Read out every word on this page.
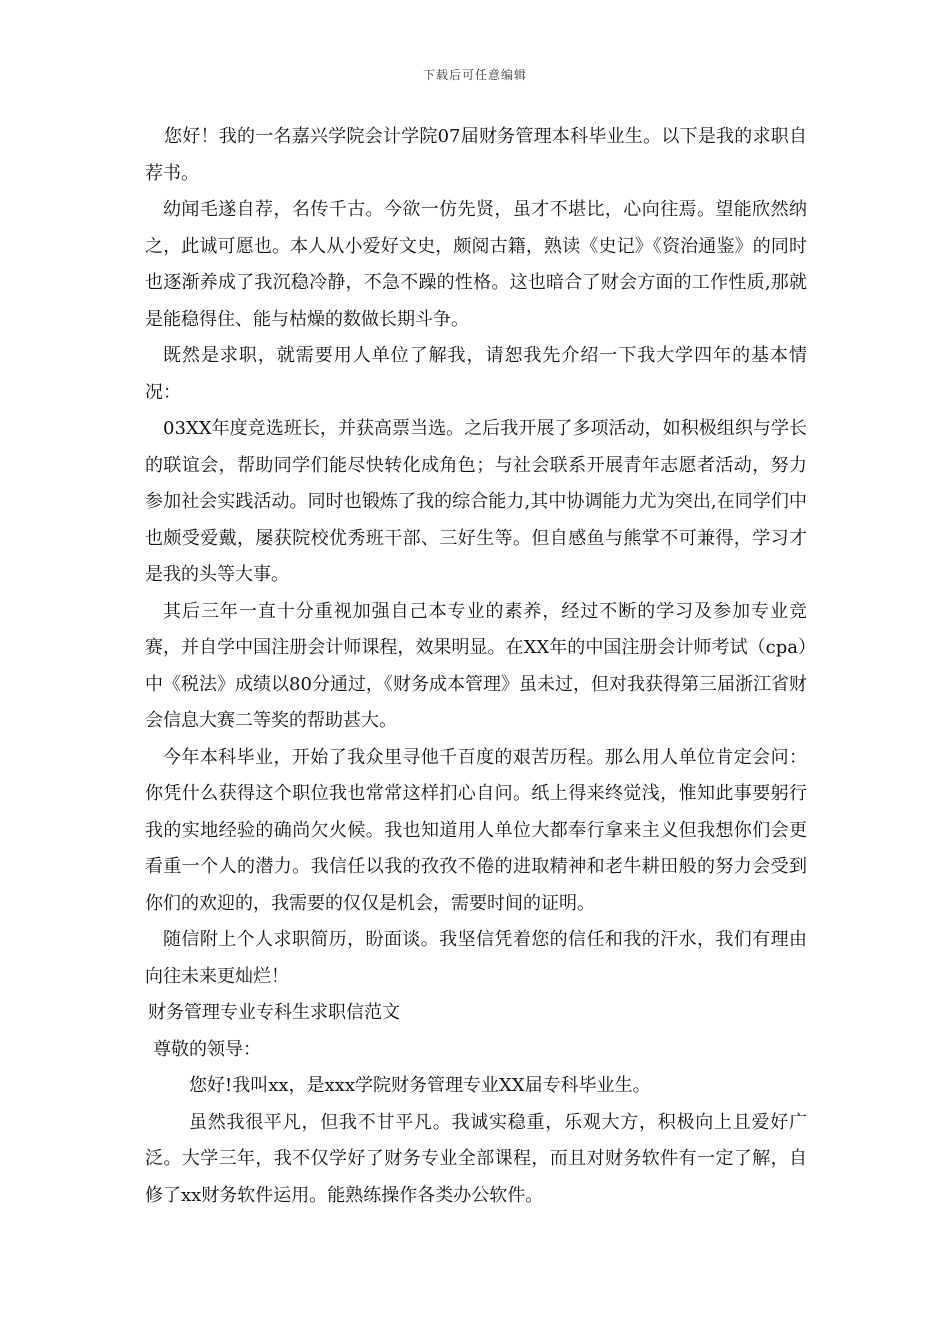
下载后可任意编辑

您好！我的一名嘉兴学院会计学院07届财务管理本科毕业生。以下是我的求职自荐书。

幼闻毛遂自荐，名传千古。今欲一仿先贤，虽才不堪比，心向往焉。望能欣然纳之，此诚可愿也。本人从小爱好文史，颇阅古籍，熟读《史记》《资治通鉴》的同时也逐渐养成了我沉稳冷静，不急不躁的性格。这也暗合了财会方面的工作性质,那就是能稳得住、能与枯燥的数做长期斗争。

既然是求职，就需要用人单位了解我，请恕我先介绍一下我大学四年的基本情况：

03XX年度竞选班长，并获高票当选。之后我开展了多项活动，如积极组织与学长的联谊会，帮助同学们能尽快转化成角色；与社会联系开展青年志愿者活动，努力参加社会实践活动。同时也锻炼了我的综合能力,其中协调能力尤为突出,在同学们中也颇受爱戴，屡获院校优秀班干部、三好生等。但自感鱼与熊掌不可兼得，学习才是我的头等大事。

其后三年一直十分重视加强自己本专业的素养，经过不断的学习及参加专业竞赛，并自学中国注册会计师课程，效果明显。在XX年的中国注册会计师考试（cpa）中《税法》成绩以80分通过，《财务成本管理》虽未过，但对我获得第三届浙江省财会信息大赛二等奖的帮助甚大。

今年本科毕业，开始了我众里寻他千百度的艰苦历程。那么用人单位肯定会问：你凭什么获得这个职位我也常常这样扪心自问。纸上得来终觉浅，惟知此事要躬行我的实地经验的确尚欠火候。我也知道用人单位大都奉行拿来主义但我想你们会更看重一个人的潜力。我信任以我的孜孜不倦的进取精神和老牛耕田般的努力会受到你们的欢迎的，我需要的仅仅是机会，需要时间的证明。

随信附上个人求职简历，盼面谈。我坚信凭着您的信任和我的汗水，我们有理由向往未来更灿烂！

财务管理专业专科生求职信范文

尊敬的领导：

您好!我叫xx，是xxx学院财务管理专业XX届专科毕业生。

虽然我很平凡，但我不甘平凡。我诚实稳重，乐观大方，积极向上且爱好广泛。大学三年，我不仅学好了财务专业全部课程，而且对财务软件有一定了解，自修了xx财务软件运用。能熟练操作各类办公软件。
